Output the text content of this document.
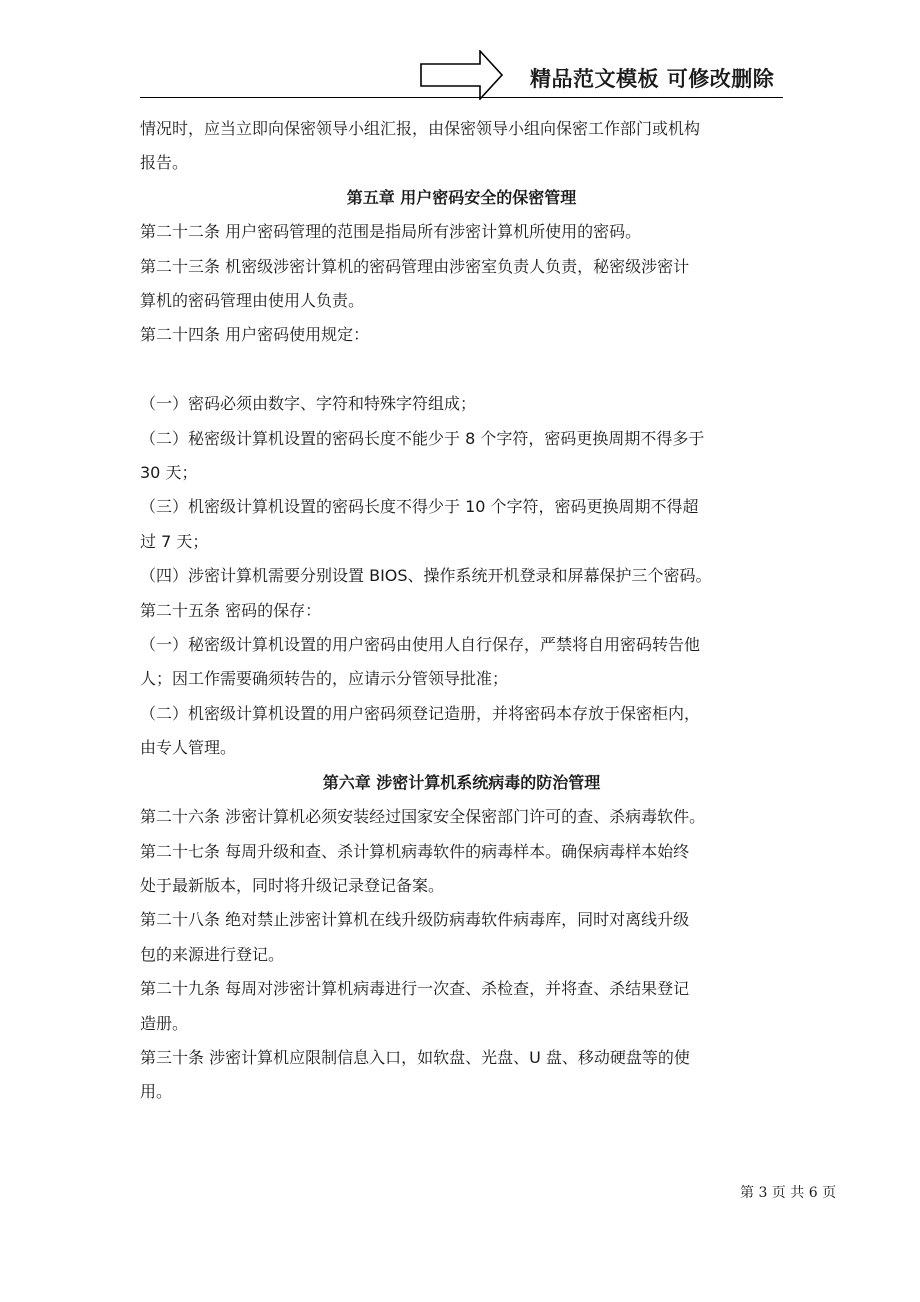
精品范文模板 可修改删除

情况时，应当立即向保密领导小组汇报，由保密领导小组向保密工作部门或机构

报告。

第五章 用户密码安全的保密管理

第二十二条 用户密码管理的范围是指局所有涉密计算机所使用的密码。

第二十三条 机密级涉密计算机的密码管理由涉密室负责人负责，秘密级涉密计

算机的密码管理由使用人负责。

第二十四条 用户密码使用规定：

（一）密码必须由数字、字符和特殊字符组成；

（二）秘密级计算机设置的密码长度不能少于 8 个字符，密码更换周期不得多于

30 天；

（三）机密级计算机设置的密码长度不得少于 10 个字符，密码更换周期不得超

过 7 天；

（四）涉密计算机需要分别设置 BIOS、操作系统开机登录和屏幕保护三个密码。

第二十五条 密码的保存：

（一）秘密级计算机设置的用户密码由使用人自行保存，严禁将自用密码转告他

人；因工作需要确须转告的，应请示分管领导批准；

（二）机密级计算机设置的用户密码须登记造册，并将密码本存放于保密柜内，

由专人管理。

第六章 涉密计算机系统病毒的防治管理

第二十六条 涉密计算机必须安装经过国家安全保密部门许可的查、杀病毒软件。

第二十七条 每周升级和查、杀计算机病毒软件的病毒样本。确保病毒样本始终

处于最新版本，同时将升级记录登记备案。

第二十八条 绝对禁止涉密计算机在线升级防病毒软件病毒库，同时对离线升级

包的来源进行登记。

第二十九条 每周对涉密计算机病毒进行一次查、杀检查，并将查、杀结果登记

造册。

第三十条 涉密计算机应限制信息入口，如软盘、光盘、U 盘、移动硬盘等的使

用。

第 3 页 共 6 页
